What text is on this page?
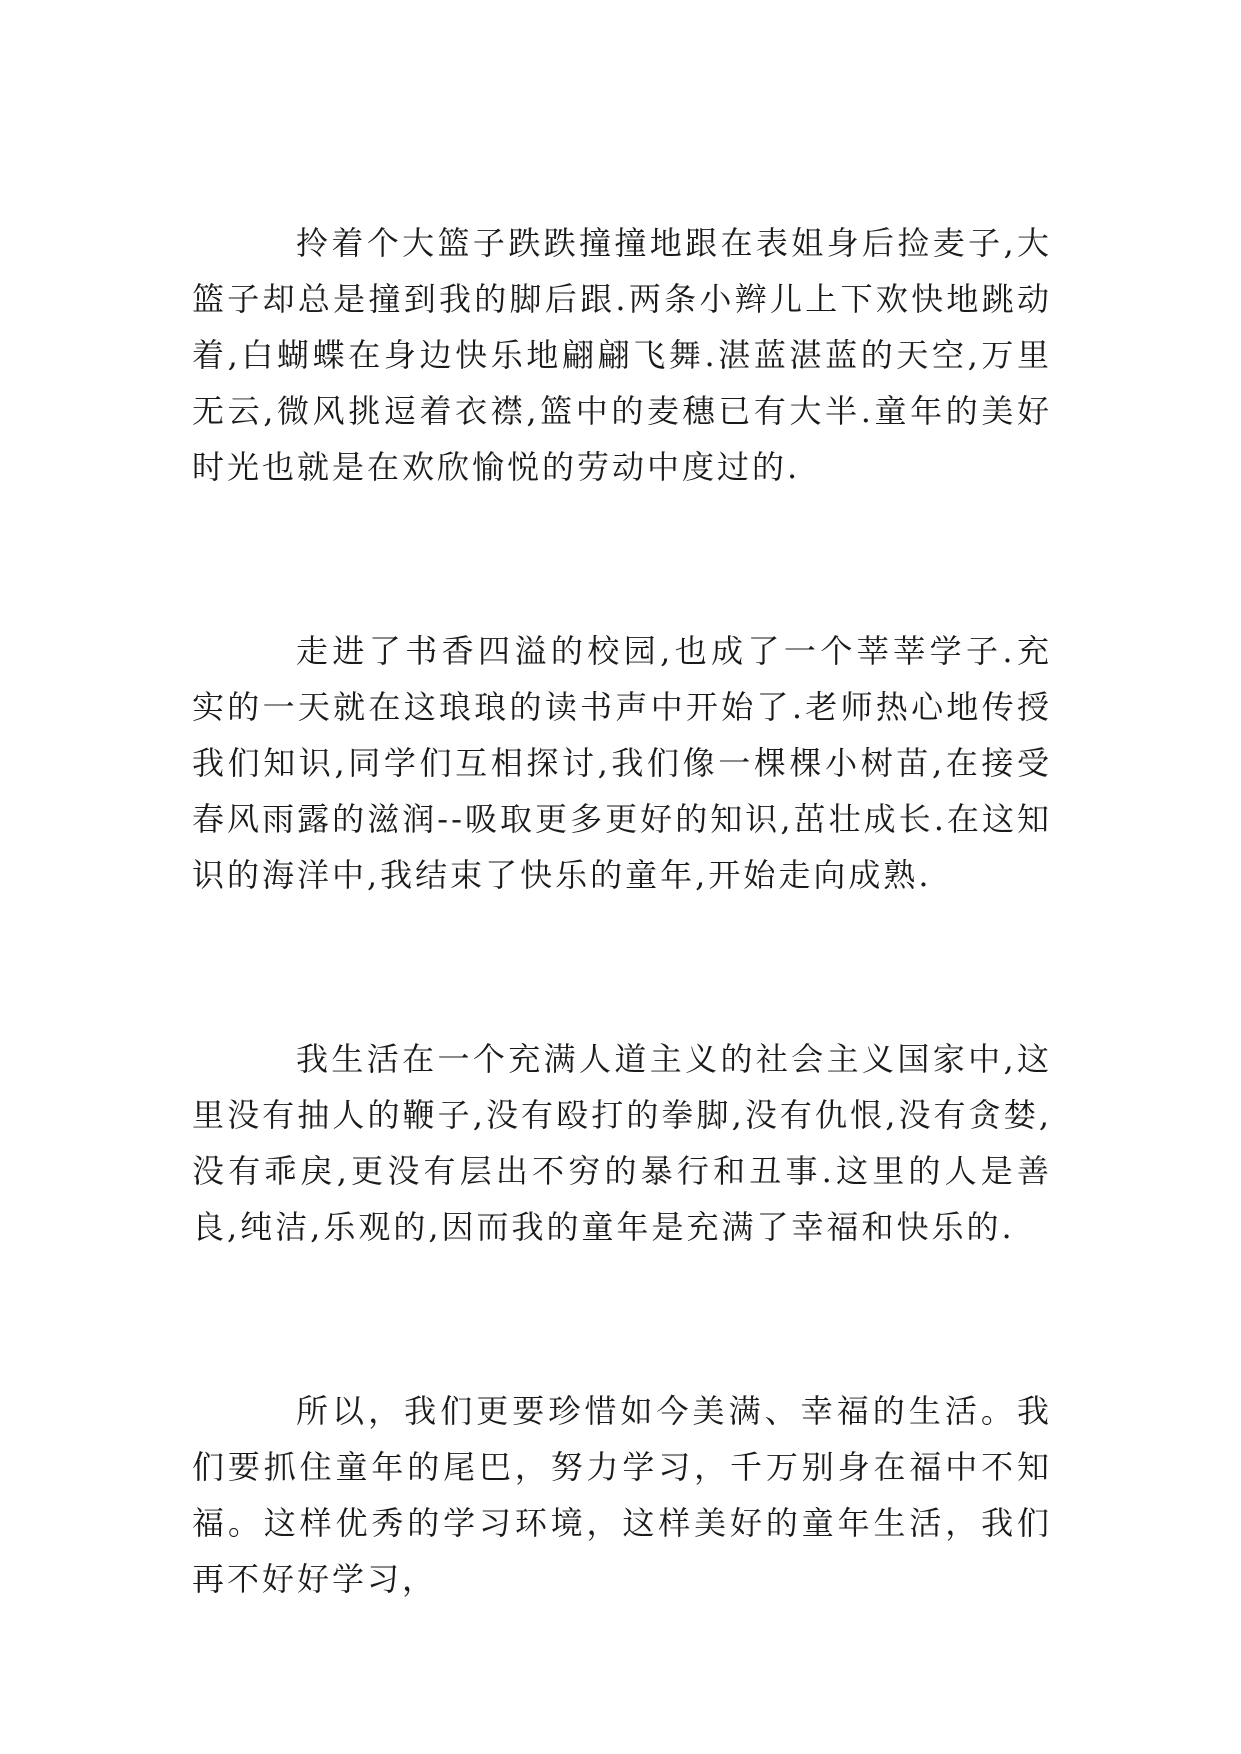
拎着个大篮子跌跌撞撞地跟在表姐身后捡麦子,大篮子却总是撞到我的脚后跟.两条小辫儿上下欢快地跳动着,白蝴蝶在身边快乐地翩翩飞舞.湛蓝湛蓝的天空,万里无云,微风挑逗着衣襟,篮中的麦穗已有大半.童年的美好时光也就是在欢欣愉悦的劳动中度过的.

走进了书香四溢的校园,也成了一个莘莘学子.充实的一天就在这琅琅的读书声中开始了.老师热心地传授我们知识,同学们互相探讨,我们像一棵棵小树苗,在接受春风雨露的滋润--吸取更多更好的知识,茁壮成长.在这知识的海洋中,我结束了快乐的童年,开始走向成熟.

我生活在一个充满人道主义的社会主义国家中,这里没有抽人的鞭子,没有殴打的拳脚,没有仇恨,没有贪婪,没有乖戾,更没有层出不穷的暴行和丑事.这里的人是善良,纯洁,乐观的,因而我的童年是充满了幸福和快乐的.

所以，我们更要珍惜如今美满、幸福的生活。我们要抓住童年的尾巴，努力学习，千万别身在福中不知福。这样优秀的学习环境，这样美好的童年生活，我们再不好好学习，
